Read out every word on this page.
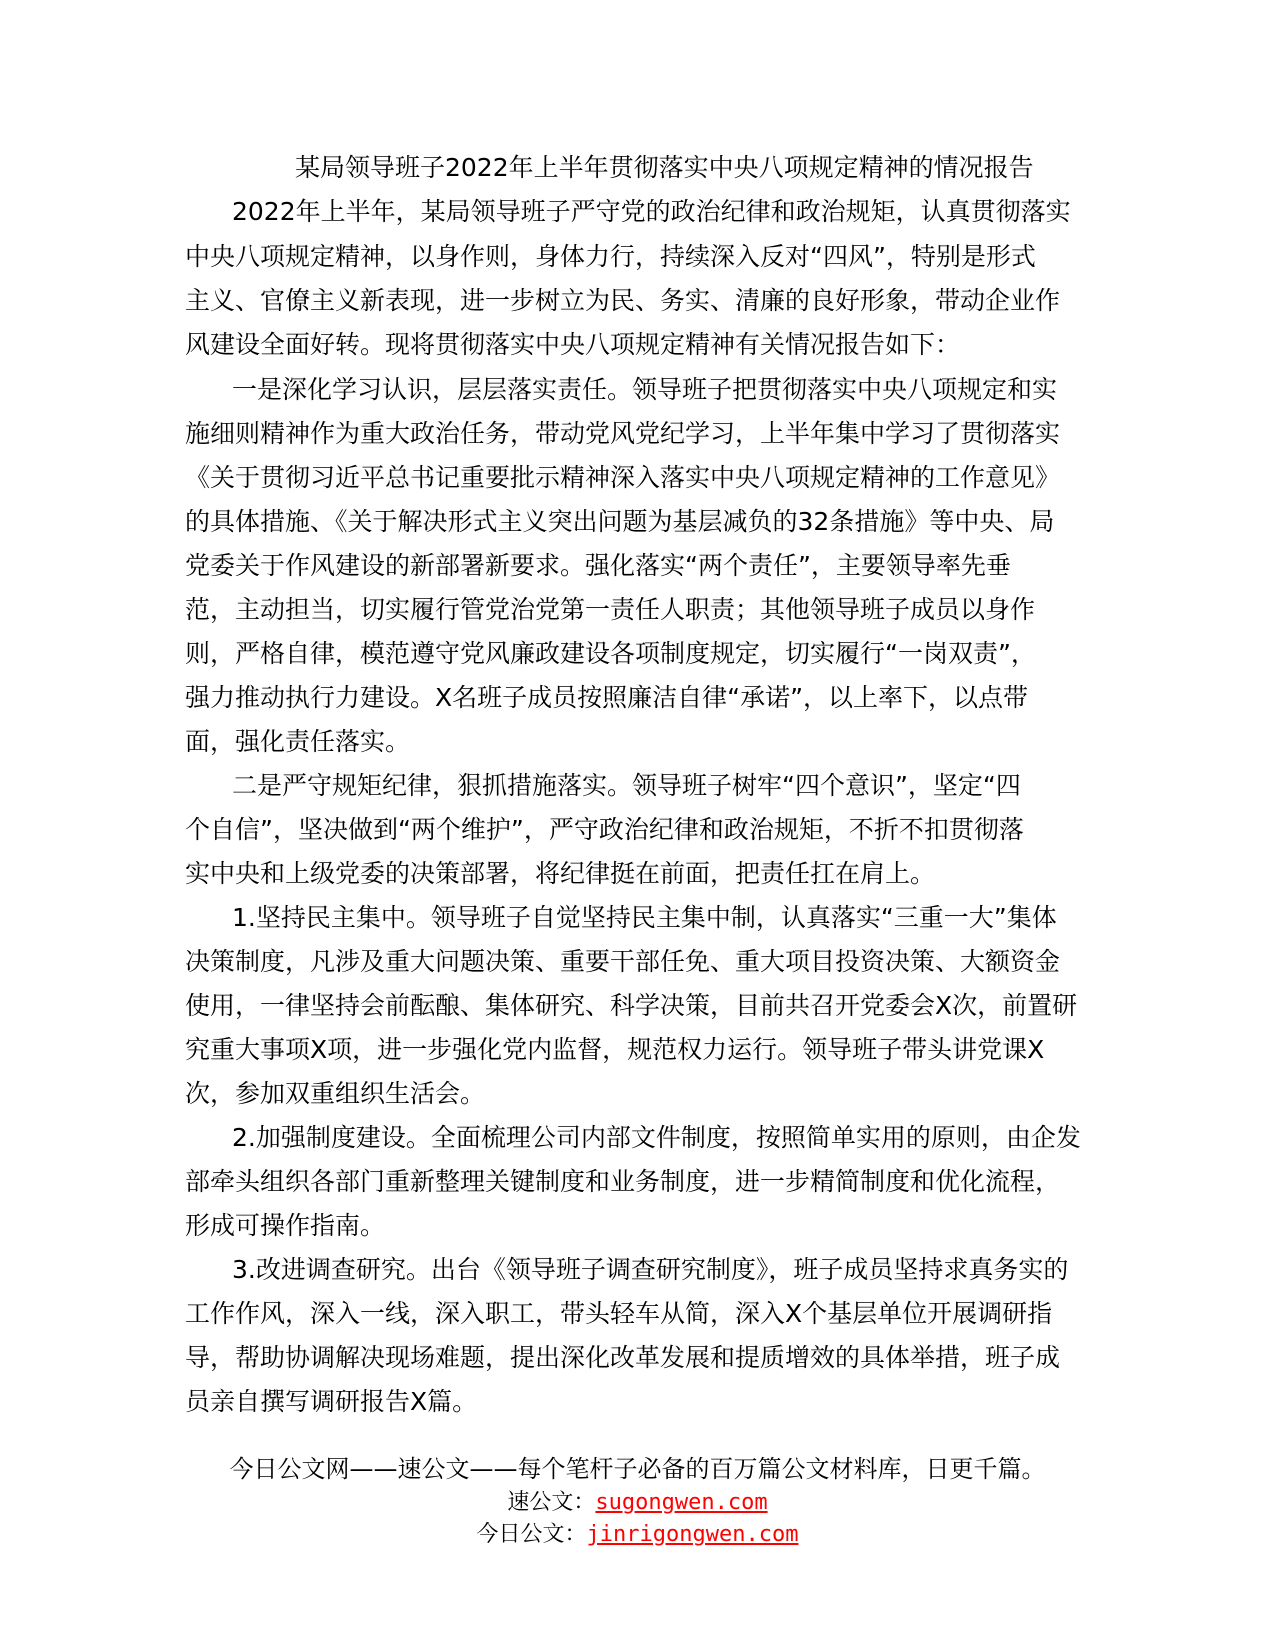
某局领导班子2022年上半年贯彻落实中央八项规定精神的情况报告
2022年上半年，某局领导班子严守党的政治纪律和政治规矩，认真贯彻落实
中央八项规定精神，以身作则，身体力行，持续深入反对“四风”，特别是形式
主义、官僚主义新表现，进一步树立为民、务实、清廉的良好形象，带动企业作
风建设全面好转。现将贯彻落实中央八项规定精神有关情况报告如下：
一是深化学习认识，层层落实责任。领导班子把贯彻落实中央八项规定和实
施细则精神作为重大政治任务，带动党风党纪学习，上半年集中学习了贯彻落实
《关于贯彻习近平总书记重要批示精神深入落实中央八项规定精神的工作意见》
的具体措施、《关于解决形式主义突出问题为基层减负的32条措施》等中央、局
党委关于作风建设的新部署新要求。强化落实“两个责任”，主要领导率先垂
范，主动担当，切实履行管党治党第一责任人职责；其他领导班子成员以身作
则，严格自律，模范遵守党风廉政建设各项制度规定，切实履行“一岗双责”，
强力推动执行力建设。X名班子成员按照廉洁自律“承诺”，以上率下，以点带
面，强化责任落实。
二是严守规矩纪律，狠抓措施落实。领导班子树牢“四个意识”，坚定“四
个自信”，坚决做到“两个维护”，严守政治纪律和政治规矩，不折不扣贯彻落
实中央和上级党委的决策部署，将纪律挺在前面，把责任扛在肩上。
1.坚持民主集中。领导班子自觉坚持民主集中制，认真落实“三重一大”集体
决策制度，凡涉及重大问题决策、重要干部任免、重大项目投资决策、大额资金
使用，一律坚持会前酝酿、集体研究、科学决策，目前共召开党委会X次，前置研
究重大事项X项，进一步强化党内监督，规范权力运行。领导班子带头讲党课X
次，参加双重组织生活会。
2.加强制度建设。全面梳理公司内部文件制度，按照简单实用的原则，由企发
部牵头组织各部门重新整理关键制度和业务制度，进一步精简制度和优化流程，
形成可操作指南。
3.改进调查研究。出台《领导班子调查研究制度》，班子成员坚持求真务实的
工作作风，深入一线，深入职工，带头轻车从简，深入X个基层单位开展调研指
导，帮助协调解决现场难题，提出深化改革发展和提质增效的具体举措，班子成
员亲自撰写调研报告X篇。
今日公文网——速公文——每个笔杆子必备的百万篇公文材料库，日更千篇。
速公文：sugongwen.com
今日公文：jinrigongwen.com
